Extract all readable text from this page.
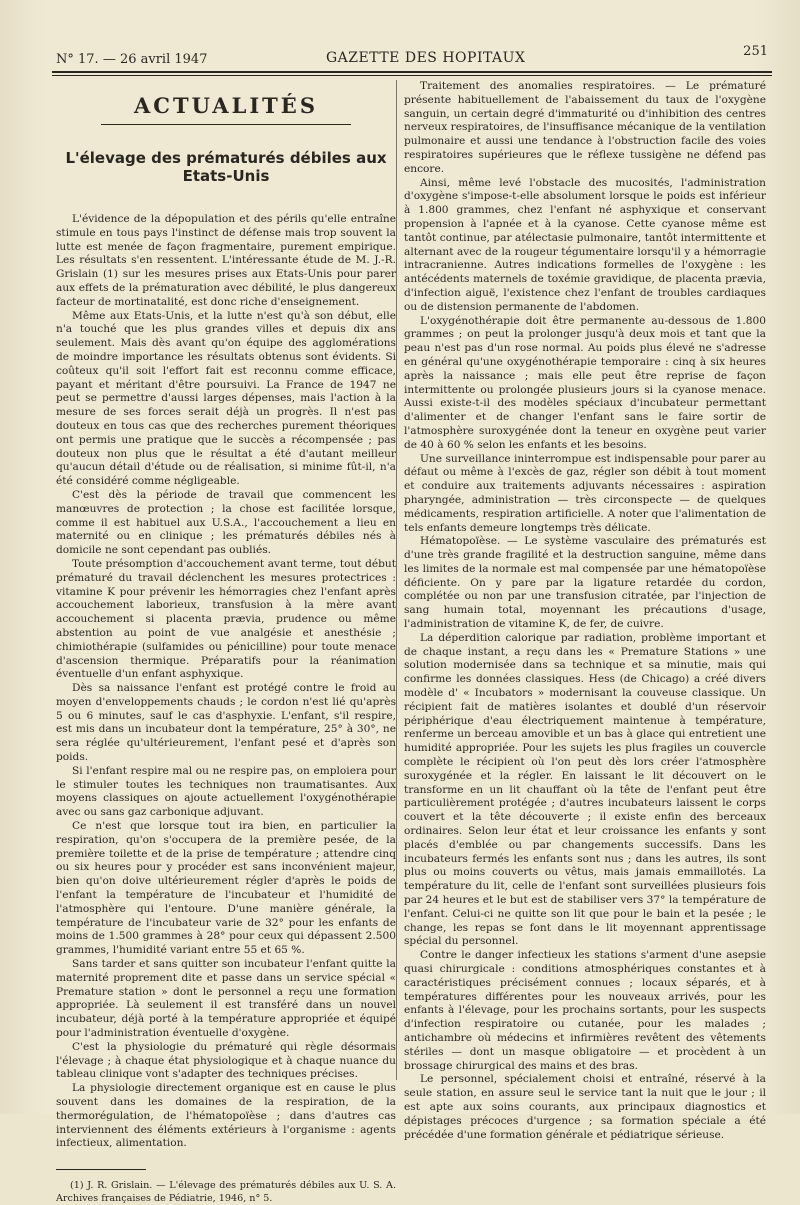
N° 17. — 26 avril 1947	GAZETTE DES HOPITAUX	251
ACTUALITÉS
L'élevage des prématurés débiles aux Etats-Unis

L'évidence de la dépopulation et des périls qu'elle entraîne stimule en tous pays l'instinct de défense mais trop souvent la lutte est menée de façon fragmentaire, purement empirique. Les résultats s'en ressentent. L'intéressante étude de M. J.-R. Grislain (1) sur les mesures prises aux Etats-Unis pour parer aux effets de la prématuration avec débilité, le plus dangereux facteur de mortinatalité, est donc riche d'enseignement.

Même aux Etats-Unis, et la lutte n'est qu'à son début, elle n'a touché que les plus grandes villes et depuis dix ans seulement. Mais dès avant qu'on équipe des agglomérations de moindre importance les résultats obtenus sont évidents. Si coûteux qu'il soit l'effort fait est reconnu comme efficace, payant et méritant d'être poursuivi. La France de 1947 ne peut se permettre d'aussi larges dépenses, mais l'action à la mesure de ses forces serait déjà un progrès. Il n'est pas douteux en tous cas que des recherches purement théoriques ont permis une pratique que le succès a récompensée ; pas douteux non plus que le résultat a été d'autant meilleur qu'aucun détail d'étude ou de réalisation, si minime fût-il, n'a été considéré comme négligeable.

C'est dès la période de travail que commencent les manœuvres de protection ; la chose est facilitée lorsque, comme il est habituel aux U.S.A., l'accouchement a lieu en maternité ou en clinique ; les prématurés débiles nés à domicile ne sont cependant pas oubliés.

Toute présomption d'accouchement avant terme, tout début prématuré du travail déclenchent les mesures protectrices : vitamine K pour prévenir les hémorragies chez l'enfant après accouchement laborieux, transfusion à la mère avant accouchement si placenta prævia, prudence ou même abstention au point de vue analgésie et anesthésie ; chimiothérapie (sulfamides ou pénicilline) pour toute menace d'ascension thermique. Préparatifs pour la réanimation éventuelle d'un enfant asphyxique.

Dès sa naissance l'enfant est protégé contre le froid au moyen d'enveloppements chauds ; le cordon n'est lié qu'après 5 ou 6 minutes, sauf le cas d'asphyxie. L'enfant, s'il respire, est mis dans un incubateur dont la température, 25° à 30°, ne sera réglée qu'ultérieurement, l'enfant pesé et d'après son poids.

Si l'enfant respire mal ou ne respire pas, on emploiera pour le stimuler toutes les techniques non traumatisantes. Aux moyens classiques on ajoute actuellement l'oxygénothérapie avec ou sans gaz carbonique adjuvant.

Ce n'est que lorsque tout ira bien, en particulier la respiration, qu'on s'occupera de la première pesée, de la première toilette et de la prise de température ; attendre cinq ou six heures pour y procéder est sans inconvénient majeur, bien qu'on doive ultérieurement régler d'après le poids de l'enfant la température de l'incubateur et l'humidité de l'atmosphère qui l'entoure. D'une manière générale, la température de l'incubateur varie de 32° pour les enfants de moins de 1.500 grammes à 28° pour ceux qui dépassent 2.500 grammes, l'humidité variant entre 55 et 65 %.

Sans tarder et sans quitter son incubateur l'enfant quitte la maternité proprement dite et passe dans un service spécial « Premature station » dont le personnel a reçu une formation appropriée. Là seulement il est transféré dans un nouvel incubateur, déjà porté à la température appropriée et équipé pour l'administration éventuelle d'oxygène.

C'est la physiologie du prématuré qui règle désormais l'élevage ; à chaque état physiologique et à chaque nuance du tableau clinique vont s'adapter des techniques précises.

La physiologie directement organique est en cause le plus souvent dans les domaines de la respiration, de la thermorégulation, de l'hématopoïèse ; dans d'autres cas interviennent des éléments extérieurs à l'organisme : agents infectieux, alimentation.

(1) J. R. Grislain. — L'élevage des prématurés débiles aux U. S. A. Archives françaises de Pédiatrie, 1946, n° 5.

Traitement des anomalies respiratoires. — Le prématuré présente habituellement de l'abaissement du taux de l'oxygène sanguin, un certain degré d'immaturité ou d'inhibition des centres nerveux respiratoires, de l'insuffisance mécanique de la ventilation pulmonaire et aussi une tendance à l'obstruction facile des voies respiratoires supérieures que le réflexe tussigène ne défend pas encore.

Ainsi, même levé l'obstacle des mucosités, l'administration d'oxygène s'impose-t-elle absolument lorsque le poids est inférieur à 1.800 grammes, chez l'enfant né asphyxique et conservant propension à l'apnée et à la cyanose. Cette cyanose même est tantôt continue, par atélectasie pulmonaire, tantôt intermittente et alternant avec de la rougeur tégumentaire lorsqu'il y a hémorragie intracranienne. Autres indications formelles de l'oxygène : les antécédents maternels de toxémie gravidique, de placenta prævia, d'infection aiguë, l'existence chez l'enfant de troubles cardiaques ou de distension permanente de l'abdomen.

L'oxygénothérapie doit être permanente au-dessous de 1.800 grammes ; on peut la prolonger jusqu'à deux mois et tant que la peau n'est pas d'un rose normal. Au poids plus élevé ne s'adresse en général qu'une oxygénothérapie temporaire : cinq à six heures après la naissance ; mais elle peut être reprise de façon intermittente ou prolongée plusieurs jours si la cyanose menace. Aussi existe-t-il des modèles spéciaux d'incubateur permettant d'alimenter et de changer l'enfant sans le faire sortir de l'atmosphère suroxygénée dont la teneur en oxygène peut varier de 40 à 60 % selon les enfants et les besoins.

Une surveillance ininterrompue est indispensable pour parer au défaut ou même à l'excès de gaz, régler son débit à tout moment et conduire aux traitements adjuvants nécessaires : aspiration pharyngée, administration — très circonspecte — de quelques médicaments, respiration artificielle. A noter que l'alimentation de tels enfants demeure longtemps très délicate.

Hématopoïèse. — Le système vasculaire des prématurés est d'une très grande fragilité et la destruction sanguine, même dans les limites de la normale est mal compensée par une hématopoïèse déficiente. On y pare par la ligature retardée du cordon, complétée ou non par une transfusion citratée, par l'injection de sang humain total, moyennant les précautions d'usage, l'administration de vitamine K, de fer, de cuivre.

La déperdition calorique par radiation, problème important et de chaque instant, a reçu dans les « Premature Stations » une solution modernisée dans sa technique et sa minutie, mais qui confirme les données classiques. Hess (de Chicago) a créé divers modèle d' « Incubators » modernisant la couveuse classique. Un récipient fait de matières isolantes et doublé d'un réservoir périphérique d'eau électriquement maintenue à température, renferme un berceau amovible et un bas à glace qui entretient une humidité appropriée. Pour les sujets les plus fragiles un couvercle complète le récipient où l'on peut dès lors créer l'atmosphère suroxygénée et la régler. En laissant le lit découvert on le transforme en un lit chauffant où la tête de l'enfant peut être particulièrement protégée ; d'autres incubateurs laissent le corps couvert et la tête découverte ; il existe enfin des berceaux ordinaires. Selon leur état et leur croissance les enfants y sont placés d'emblée ou par changements successifs. Dans les incubateurs fermés les enfants sont nus ; dans les autres, ils sont plus ou moins couverts ou vêtus, mais jamais emmaillotés. La température du lit, celle de l'enfant sont surveillées plusieurs fois par 24 heures et le but est de stabiliser vers 37° la température de l'enfant. Celui-ci ne quitte son lit que pour le bain et la pesée ; le change, les repas se font dans le lit moyennant apprentissage spécial du personnel.

Contre le danger infectieux les stations s'arment d'une asepsie quasi chirurgicale : conditions atmosphériques constantes et à caractéristiques précisément connues ; locaux séparés, et à températures différentes pour les nouveaux arrivés, pour les enfants à l'élevage, pour les prochains sortants, pour les suspects d'infection respiratoire ou cutanée, pour les malades ; antichambre où médecins et infirmières revêtent des vêtements stériles — dont un masque obligatoire — et procèdent à un brossage chirurgical des mains et des bras.

Le personnel, spécialement choisi et entraîné, réservé à la seule station, en assure seul le service tant la nuit que le jour ; il est apte aux soins courants, aux principaux diagnostics et dépistages précoces d'urgence ; sa formation spéciale a été précédée d'une formation générale et pédiatrique sérieuse.
